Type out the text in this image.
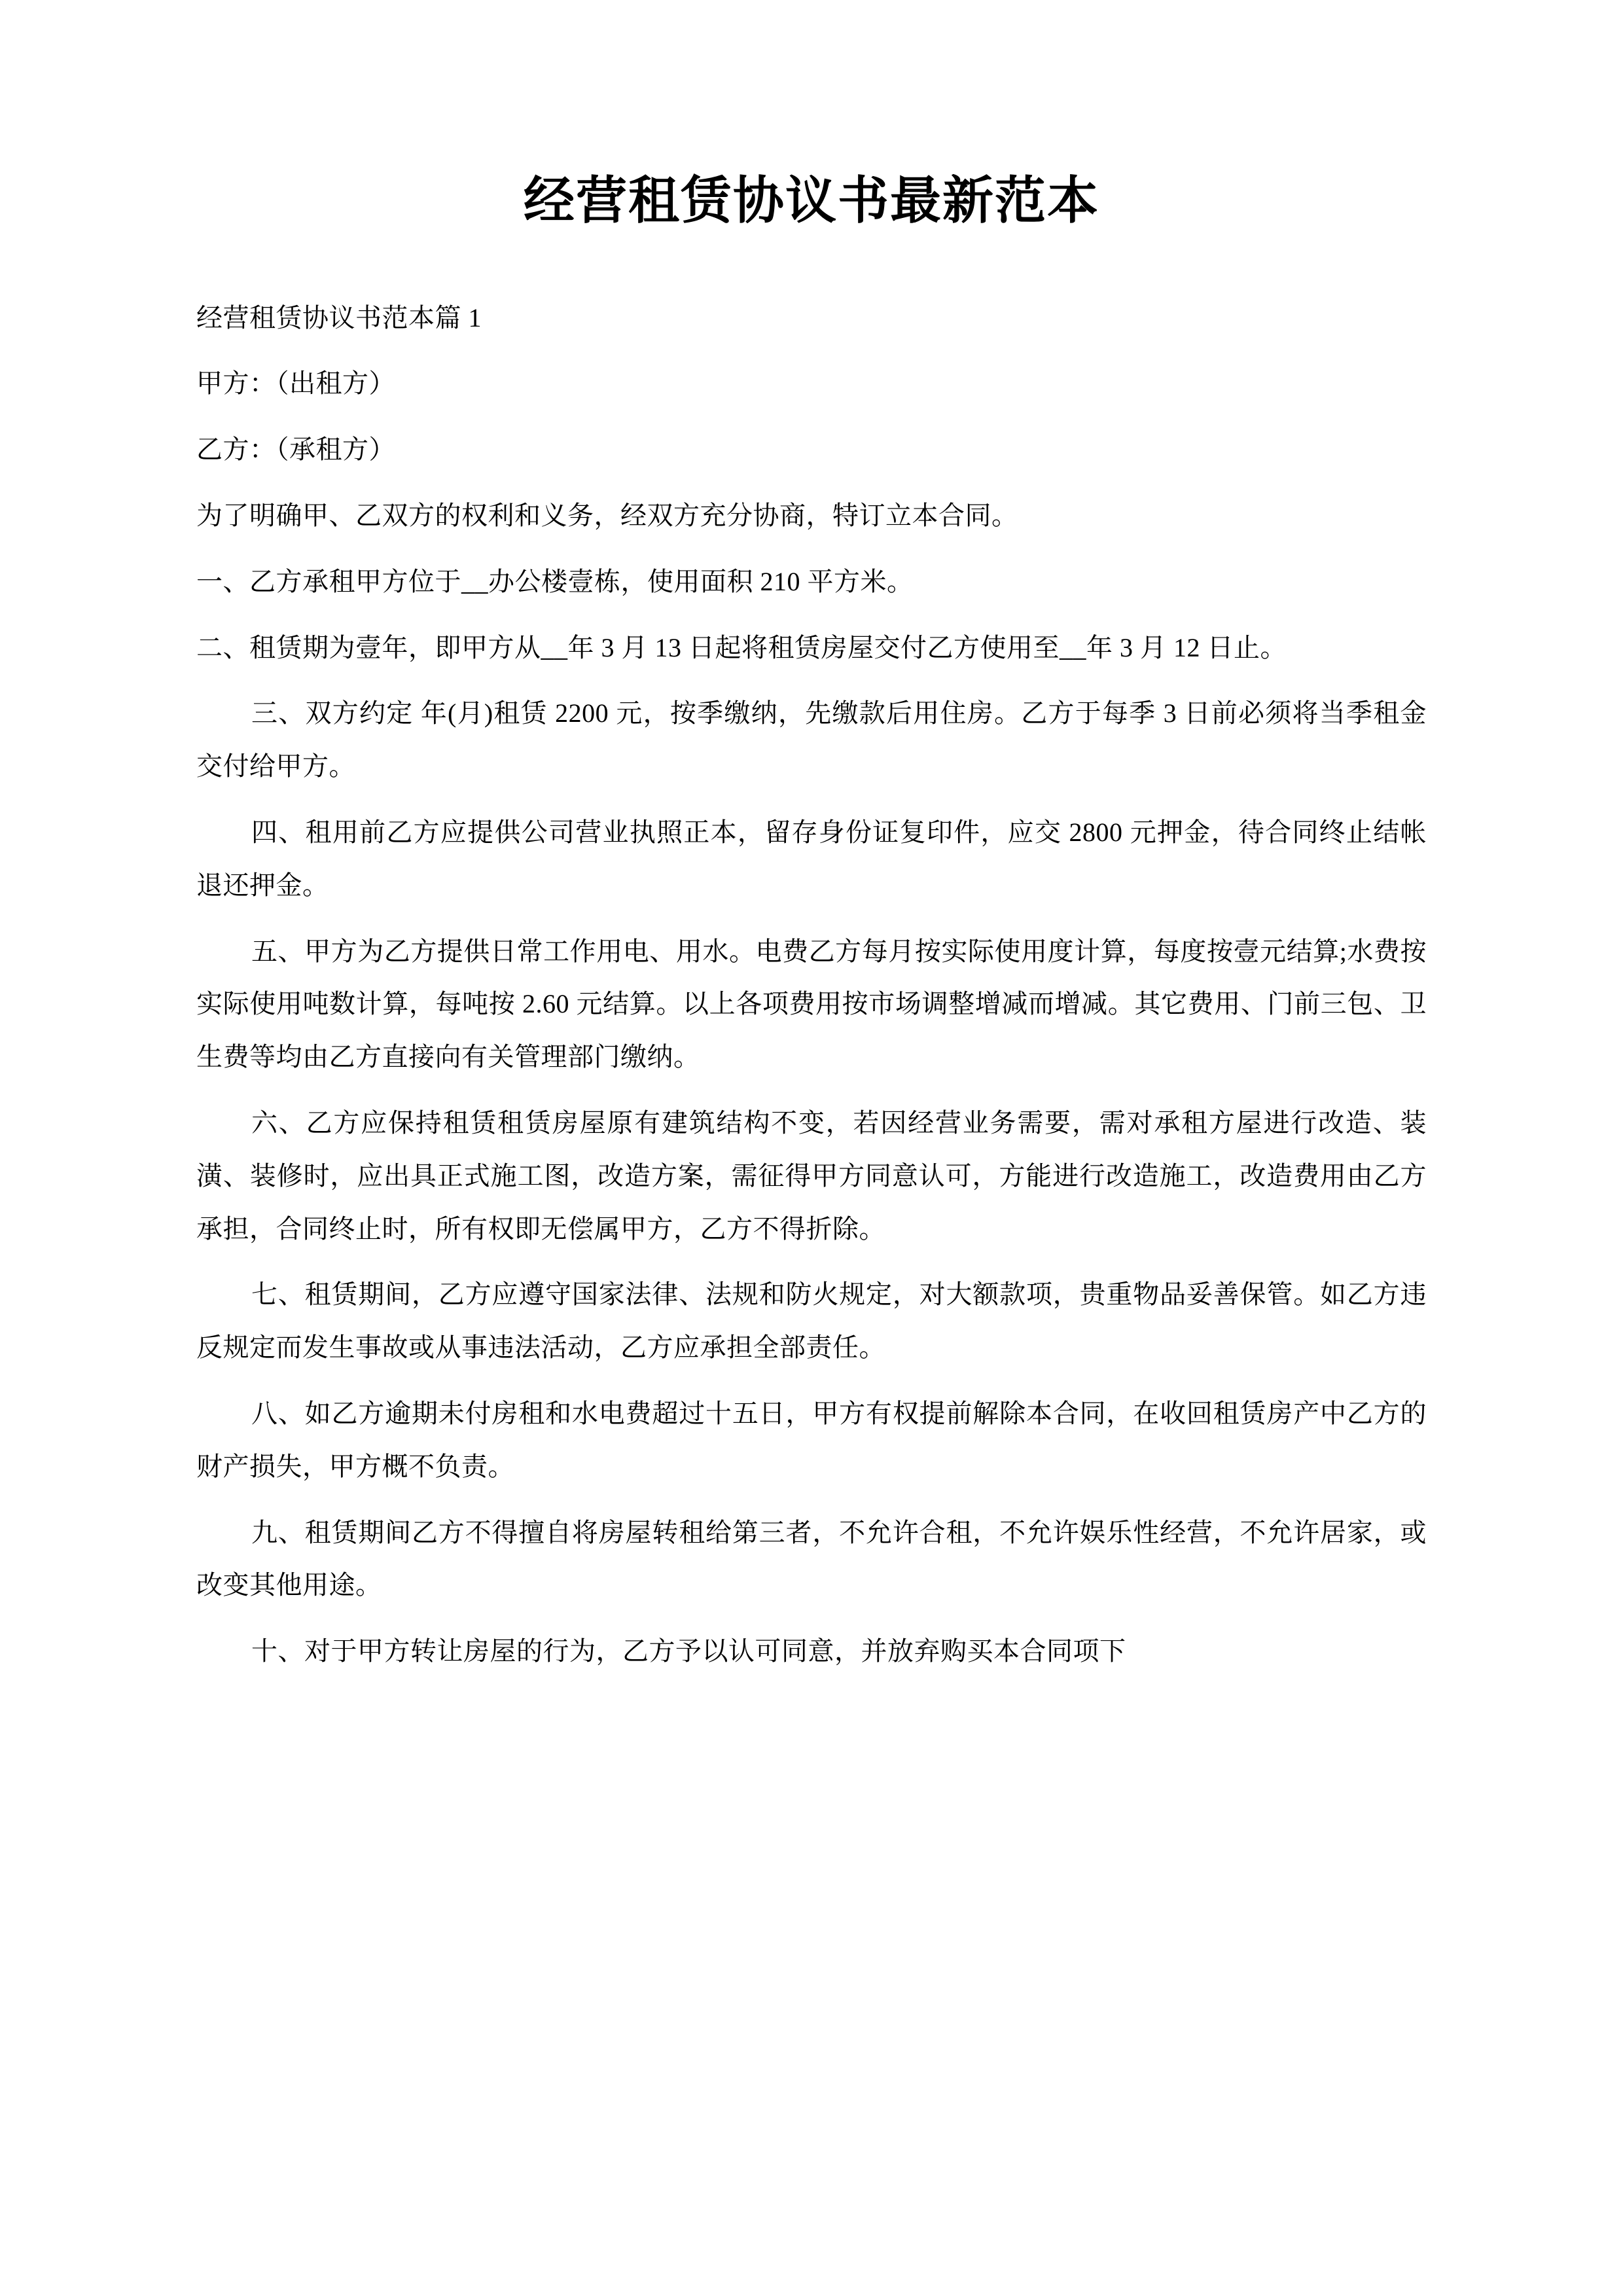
经营租赁协议书最新范本

经营租赁协议书范本篇 1

甲方：（出租方）

乙方：（承租方）

为了明确甲、乙双方的权利和义务，经双方充分协商，特订立本合同。

一、乙方承租甲方位于__办公楼壹栋，使用面积 210 平方米。

二、租赁期为壹年，即甲方从__年 3 月 13 日起将租赁房屋交付乙方使用至__年 3 月 12 日止。

三、双方约定 年(月)租赁 2200 元，按季缴纳，先缴款后用住房。乙方于每季 3 日前必须将当季租金交付给甲方。

四、租用前乙方应提供公司营业执照正本，留存身份证复印件，应交 2800 元押金，待合同终止结帐退还押金。

五、甲方为乙方提供日常工作用电、用水。电费乙方每月按实际使用度计算，每度按壹元结算;水费按实际使用吨数计算，每吨按 2.60 元结算。以上各项费用按市场调整增减而增减。其它费用、门前三包、卫生费等均由乙方直接向有关管理部门缴纳。

六、乙方应保持租赁租赁房屋原有建筑结构不变，若因经营业务需要，需对承租方屋进行改造、装潢、装修时，应出具正式施工图，改造方案，需征得甲方同意认可，方能进行改造施工，改造费用由乙方承担，合同终止时，所有权即无偿属甲方，乙方不得折除。

七、租赁期间，乙方应遵守国家法律、法规和防火规定，对大额款项，贵重物品妥善保管。如乙方违反规定而发生事故或从事违法活动，乙方应承担全部责任。

八、如乙方逾期未付房租和水电费超过十五日，甲方有权提前解除本合同，在收回租赁房产中乙方的财产损失，甲方概不负责。

九、租赁期间乙方不得擅自将房屋转租给第三者，不允许合租，不允许娱乐性经营，不允许居家，或改变其他用途。

十、对于甲方转让房屋的行为，乙方予以认可同意，并放弃购买本合同项下
